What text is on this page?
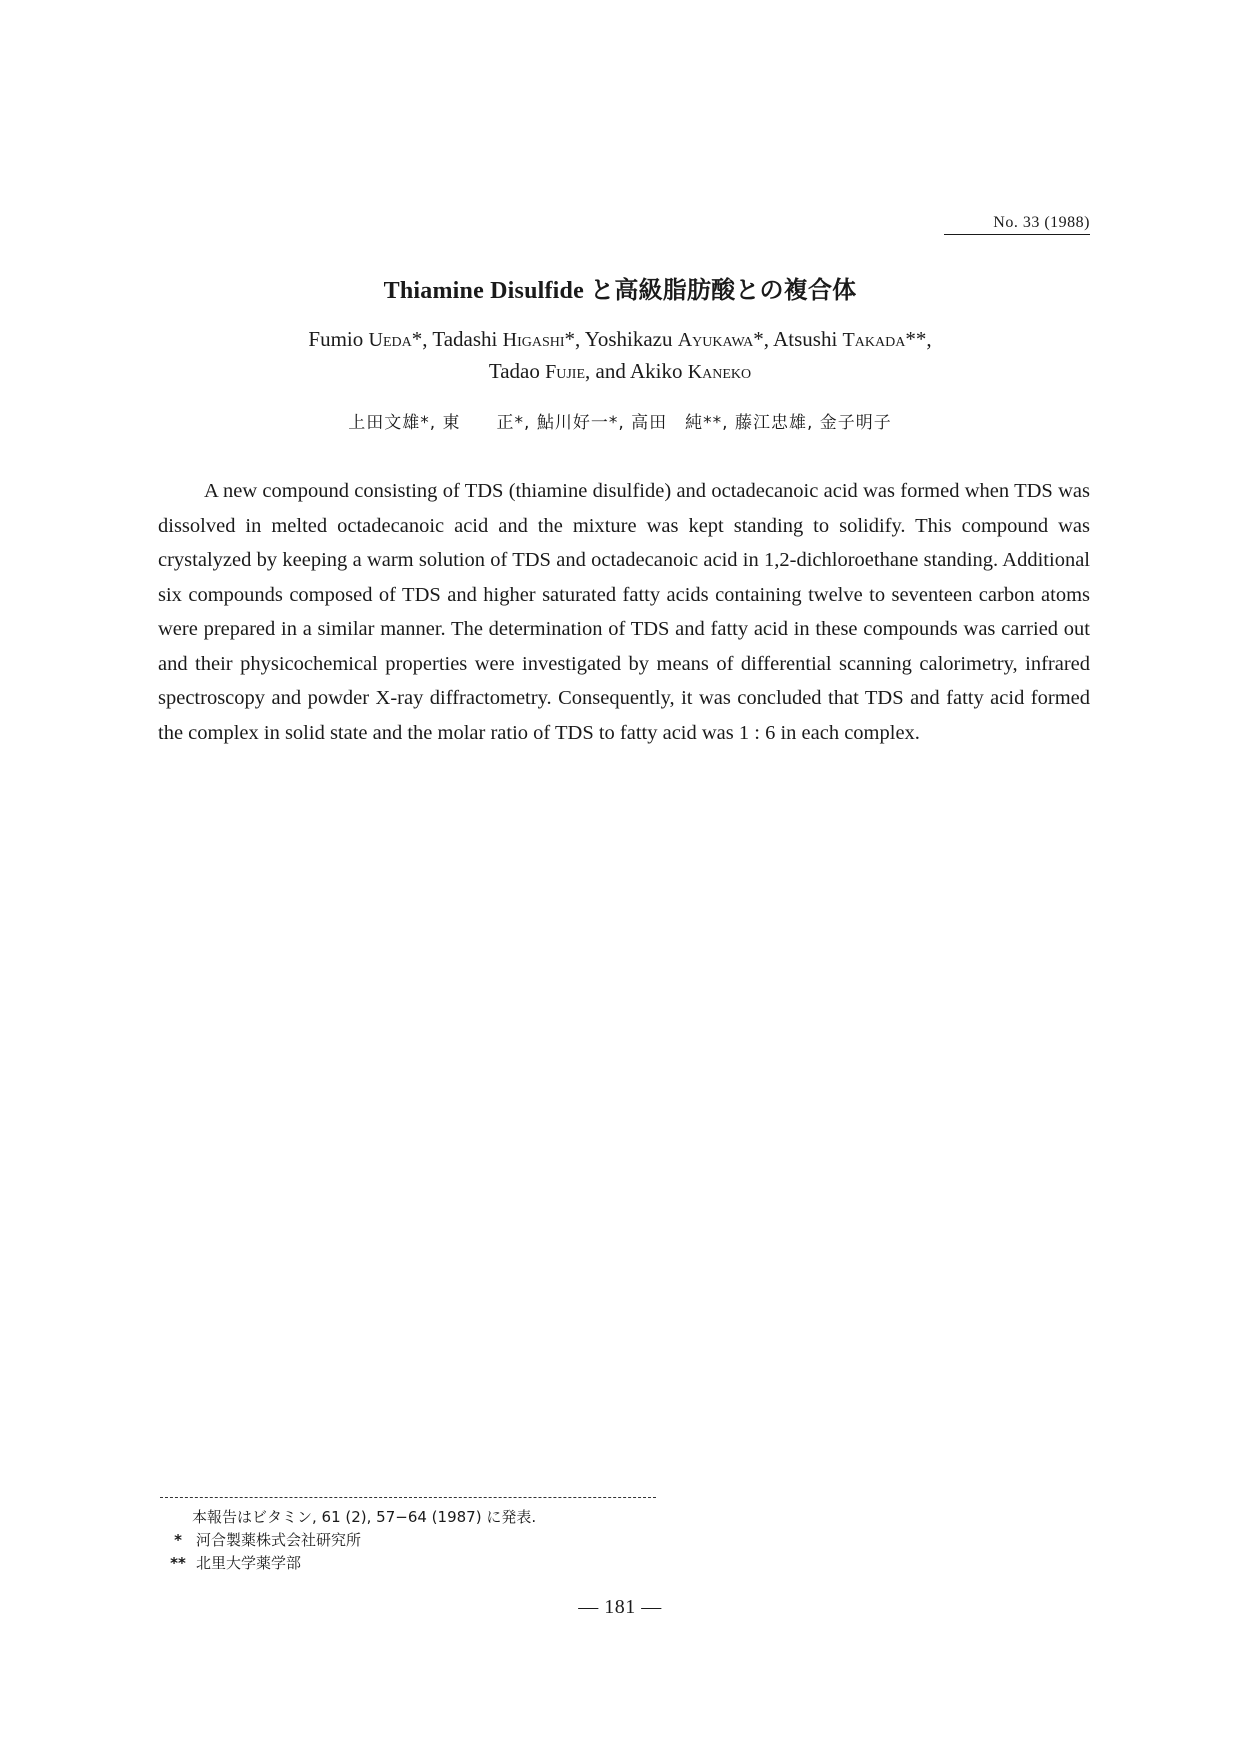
No. 33 (1988)
Thiamine Disulfide と高級脂肪酸との複合体
Fumio Ueda*, Tadashi Higashi*, Yoshikazu Ayukawa*, Atsushi Takada**,
Tadao Fujie, and Akiko Kaneko
上田文雄*, 東　　正*, 鮎川好一*, 高田　純**, 藤江忠雄, 金子明子

A new compound consisting of TDS (thiamine disulfide) and octadecanoic acid was formed when TDS was dissolved in melted octadecanoic acid and the mixture was kept standing to solidify. This compound was crystalyzed by keeping a warm solution of TDS and octadecanoic acid in 1,2-dichloroethane standing. Additional six compounds composed of TDS and higher saturated fatty acids containing twelve to seventeen carbon atoms were prepared in a similar manner. The determination of TDS and fatty acid in these compounds was carried out and their physicochemical properties were investigated by means of differential scanning calorimetry, infrared spectroscopy and powder X-ray diffractometry. Consequently, it was concluded that TDS and fatty acid formed the complex in solid state and the molar ratio of TDS to fatty acid was 1 : 6 in each complex.

本報告はビタミン, 61 (2), 57−64 (1987) に発表.
* 河合製薬株式会社研究所
** 北里大学薬学部
— 181 —
